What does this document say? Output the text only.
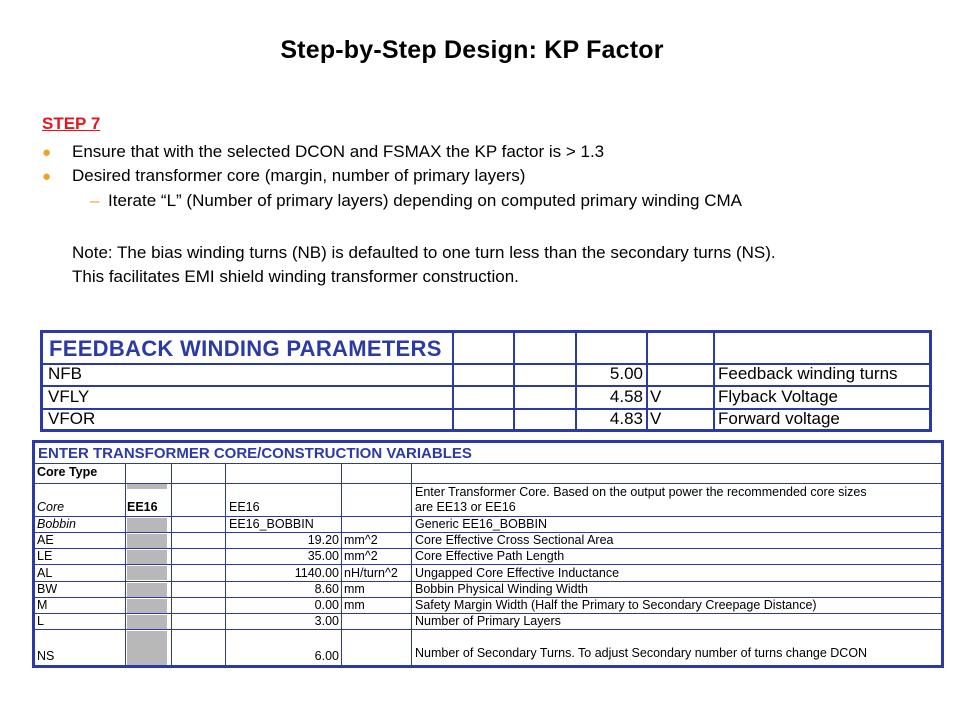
Step-by-Step Design: KP Factor
STEP 7
● Ensure that with the selected DCON and FSMAX the KP factor is > 1.3
● Desired transformer core (margin, number of primary layers)
– Iterate “L” (Number of primary layers) depending on computed primary winding CMA
Note: The bias winding turns (NB) is defaulted to one turn less than the secondary turns (NS).
This facilitates EMI shield winding transformer construction.
FEEDBACK WINDING PARAMETERS
NFB	5.00	Feedback winding turns
VFLY	4.58 V	Flyback Voltage
VFOR	4.83 V	Forward voltage
ENTER TRANSFORMER CORE/CONSTRUCTION VARIABLES
Core Type
Core	EE16	EE16
Enter Transformer Core. Based on the output power the recommended core sizes
are EE13 or EE16
Bobbin	EE16_BOBBIN	Generic EE16_BOBBIN
AE	19.20 mm^2	Core Effective Cross Sectional Area
LE	35.00 mm^2	Core Effective Path Length
AL	1140.00 nH/turn^2 Ungapped Core Effective Inductance
BW	8.60 mm	Bobbin Physical Winding Width
M	0.00 mm	Safety Margin Width (Half the Primary to Secondary Creepage Distance)
L	3.00	Number of Primary Layers
NS	6.00	Number of Secondary Turns. To adjust Secondary number of turns change DCON
